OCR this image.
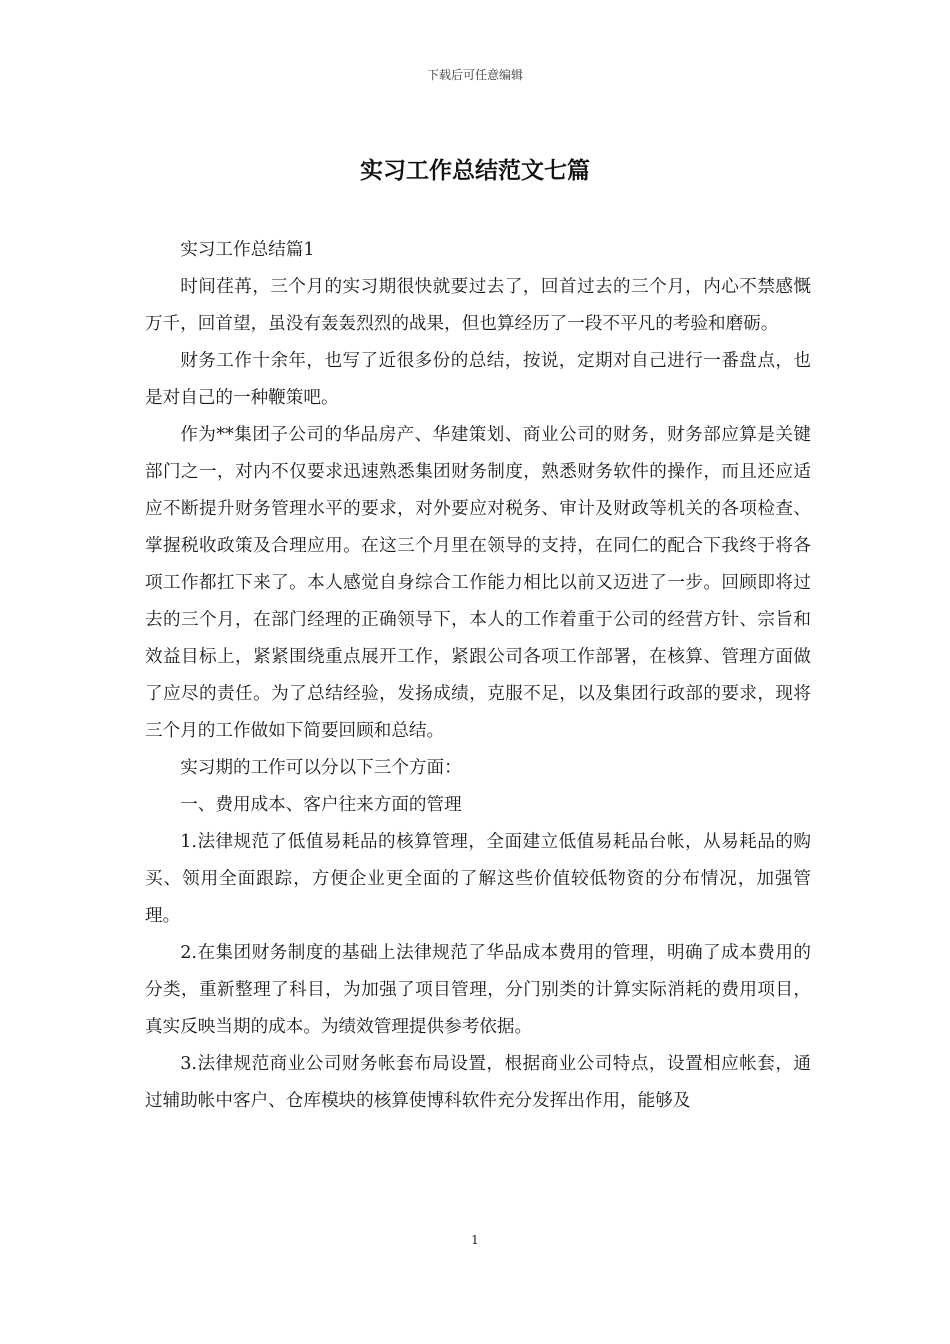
下载后可任意编辑
实习工作总结范文七篇

实习工作总结篇1

时间荏苒，三个月的实习期很快就要过去了，回首过去的三个月，内心不禁感慨万千，回首望，虽没有轰轰烈烈的战果，但也算经历了一段不平凡的考验和磨砺。

财务工作十余年，也写了近很多份的总结，按说，定期对自己进行一番盘点，也是对自己的一种鞭策吧。

作为**集团子公司的华品房产、华建策划、商业公司的财务，财务部应算是关键部门之一，对内不仅要求迅速熟悉集团财务制度，熟悉财务软件的操作，而且还应适应不断提升财务管理水平的要求，对外要应对税务、审计及财政等机关的各项检查、掌握税收政策及合理应用。在这三个月里在领导的支持，在同仁的配合下我终于将各项工作都扛下来了。本人感觉自身综合工作能力相比以前又迈进了一步。回顾即将过去的三个月，在部门经理的正确领导下，本人的工作着重于公司的经营方针、宗旨和效益目标上，紧紧围绕重点展开工作，紧跟公司各项工作部署，在核算、管理方面做了应尽的责任。为了总结经验，发扬成绩，克服不足，以及集团行政部的要求，现将三个月的工作做如下简要回顾和总结。

实习期的工作可以分以下三个方面：

一、费用成本、客户往来方面的管理

1.法律规范了低值易耗品的核算管理，全面建立低值易耗品台帐，从易耗品的购买、领用全面跟踪，方便企业更全面的了解这些价值较低物资的分布情况，加强管理。

2.在集团财务制度的基础上法律规范了华品成本费用的管理，明确了成本费用的分类，重新整理了科目，为加强了项目管理，分门别类的计算实际消耗的费用项目，真实反映当期的成本。为绩效管理提供参考依据。

3.法律规范商业公司财务帐套布局设置，根据商业公司特点，设置相应帐套，通过辅助帐中客户、仓库模块的核算使博科软件充分发挥出作用，能够及

1
